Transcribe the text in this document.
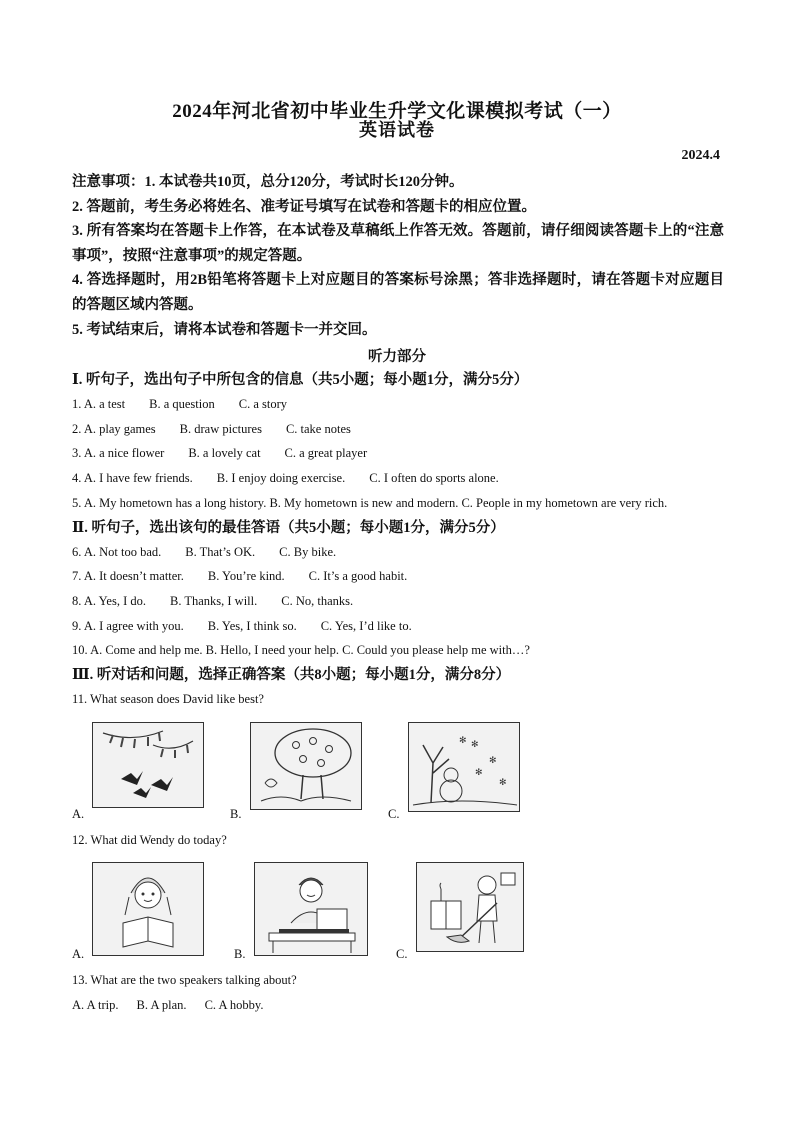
2024年河北省初中毕业生升学文化课模拟考试（一）
英语试卷
2024.4

注意事项：1. 本试卷共10页，总分120分，考试时长120分钟。

2. 答题前，考生务必将姓名、准考证号填写在试卷和答题卡的相应位置。

3. 所有答案均在答题卡上作答，在本试卷及草稿纸上作答无效。答题前，请仔细阅读答题卡上的“注意事项”，按照“注意事项”的规定答题。

4. 答选择题时，用2B铅笔将答题卡上对应题目的答案标号涂黑；答非选择题时，请在答题卡对应题目的答题区域内答题。

5. 考试结束后，请将本试卷和答题卡一并交回。

听力部分

Ⅰ. 听句子，选出句子中所包含的信息（共5小题；每小题1分，满分5分）

1. A. a test B. a question C. a story

2. A. play games B. draw pictures C. take notes

3. A. a nice flower B. a lovely cat C. a great player

4. A. I have few friends. B. I enjoy doing exercise. C. I often do sports alone.

5. A. My hometown has a long history. B. My hometown is new and modern. C. People in my hometown are very rich.

Ⅱ. 听句子，选出该句的最佳答语（共5小题；每小题1分，满分5分）

6. A. Not too bad. B. That’s OK. C. By bike.

7. A. It doesn’t matter. B. You’re kind. C. It’s a good habit.

8. A. Yes, I do. B. Thanks, I will. C. No, thanks.

9. A. I agree with you. B. Yes, I think so. C. Yes, I’d like to.

10. A. Come and help me. B. Hello, I need your help. C. Could you please help me with…?

Ⅲ. 听对话和问题，选择正确答案（共8小题；每小题1分，满分8分）

11. What season does David like best?

A.	B.	C.
✻
✻
✻
✻
✻

12. What did Wendy do today?

A.	B.	C.

13. What are the two speakers talking about?

A. A trip. B. A plan. C. A hobby.
